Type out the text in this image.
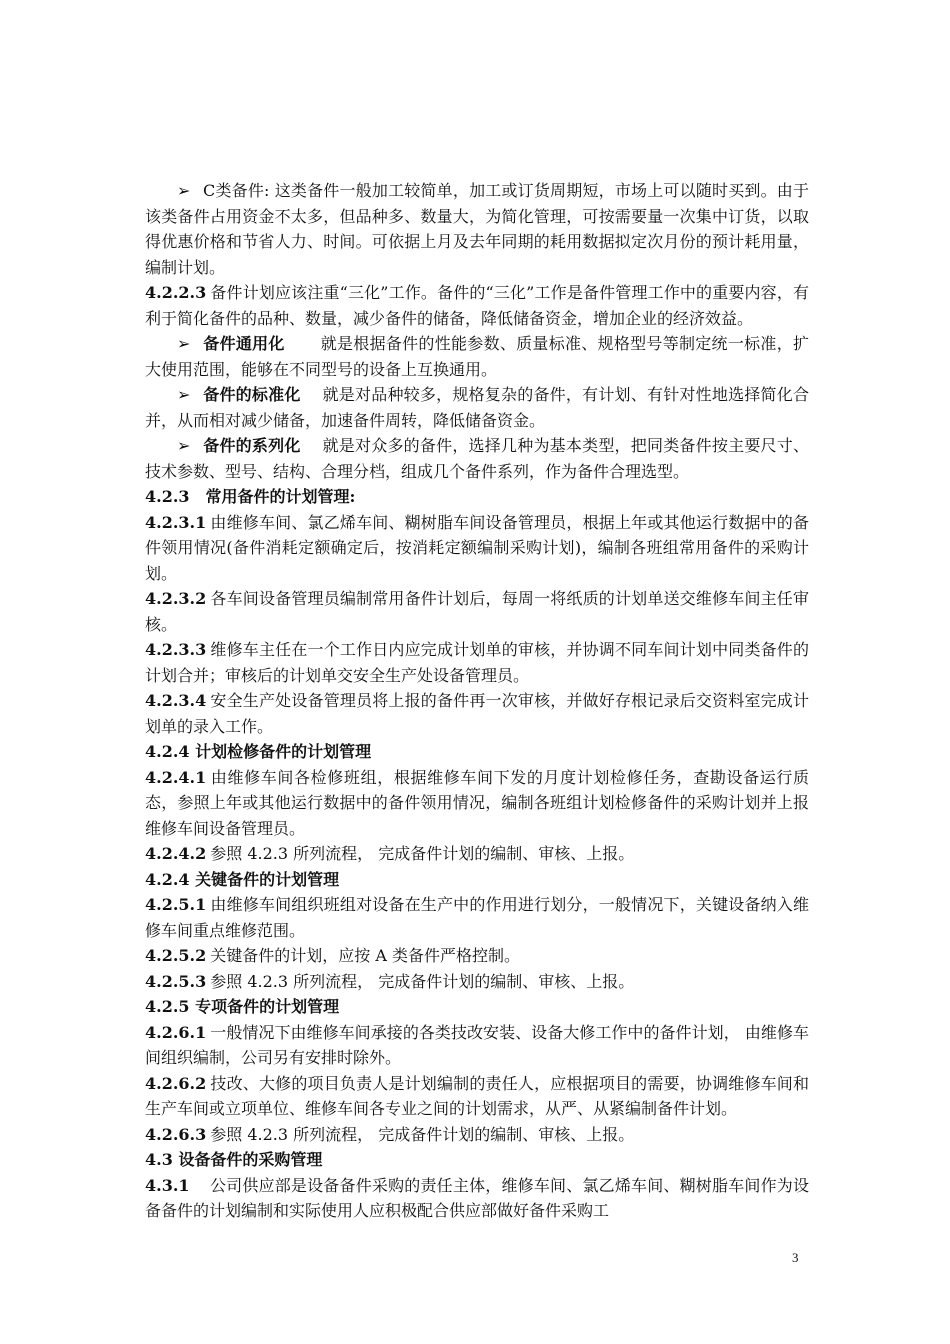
➢ C类备件: 这类备件一般加工较简单，加工或订货周期短，市场上可以随时买到。由于该类备件占用资金不太多，但品种多、数量大，为简化管理，可按需要量一次集中订货，以取得优惠价格和节省人力、时间。可依据上月及去年同期的耗用数据拟定次月份的预计耗用量，编制计划。

4.2.2.3 备件计划应该注重“三化”工作。备件的“三化”工作是备件管理工作中的重要内容，有利于简化备件的品种、数量，减少备件的储备，降低储备资金，增加企业的经济效益。

➢ 备件通用化 就是根据备件的性能参数、质量标准、规格型号等制定统一标准，扩大使用范围，能够在不同型号的设备上互换通用。

➢ 备件的标准化 就是对品种较多，规格复杂的备件，有计划、有针对性地选择简化合并，从而相对减少储备，加速备件周转，降低储备资金。

➢ 备件的系列化 就是对众多的备件，选择几种为基本类型，把同类备件按主要尺寸、技术参数、型号、结构、合理分档，组成几个备件系列，作为备件合理选型。

4.2.3　常用备件的计划管理:

4.2.3.1 由维修车间、氯乙烯车间、糊树脂车间设备管理员，根据上年或其他运行数据中的备件领用情况(备件消耗定额确定后，按消耗定额编制采购计划)，编制各班组常用备件的采购计划。

4.2.3.2 各车间设备管理员编制常用备件计划后，每周一将纸质的计划单送交维修车间主任审核。

4.2.3.3 维修车主任在一个工作日内应完成计划单的审核，并协调不同车间计划中同类备件的计划合并；审核后的计划单交安全生产处设备管理员。

4.2.3.4 安全生产处设备管理员将上报的备件再一次审核，并做好存根记录后交资料室完成计划单的录入工作。

4.2.4 计划检修备件的计划管理

4.2.4.1 由维修车间各检修班组，根据维修车间下发的月度计划检修任务，查勘设备运行质态，参照上年或其他运行数据中的备件领用情况，编制各班组计划检修备件的采购计划并上报维修车间设备管理员。

4.2.4.2 参照 4.2.3 所列流程， 完成备件计划的编制、审核、上报。

4.2.4 关键备件的计划管理

4.2.5.1 由维修车间组织班组对设备在生产中的作用进行划分，一般情况下，关键设备纳入维修车间重点维修范围。

4.2.5.2 关键备件的计划，应按 A 类备件严格控制。

4.2.5.3 参照 4.2.3 所列流程， 完成备件计划的编制、审核、上报。

4.2.5 专项备件的计划管理

4.2.6.1 一般情况下由维修车间承接的各类技改安装、设备大修工作中的备件计划， 由维修车间组织编制，公司另有安排时除外。

4.2.6.2 技改、大修的项目负责人是计划编制的责任人，应根据项目的需要，协调维修车间和生产车间或立项单位、维修车间各专业之间的计划需求，从严、从紧编制备件计划。

4.2.6.3 参照 4.2.3 所列流程， 完成备件计划的编制、审核、上报。

4.3 设备备件的采购管理

4.3.1　公司供应部是设备备件采购的责任主体，维修车间、氯乙烯车间、糊树脂车间作为设备备件的计划编制和实际使用人应积极配合供应部做好备件采购工

3
